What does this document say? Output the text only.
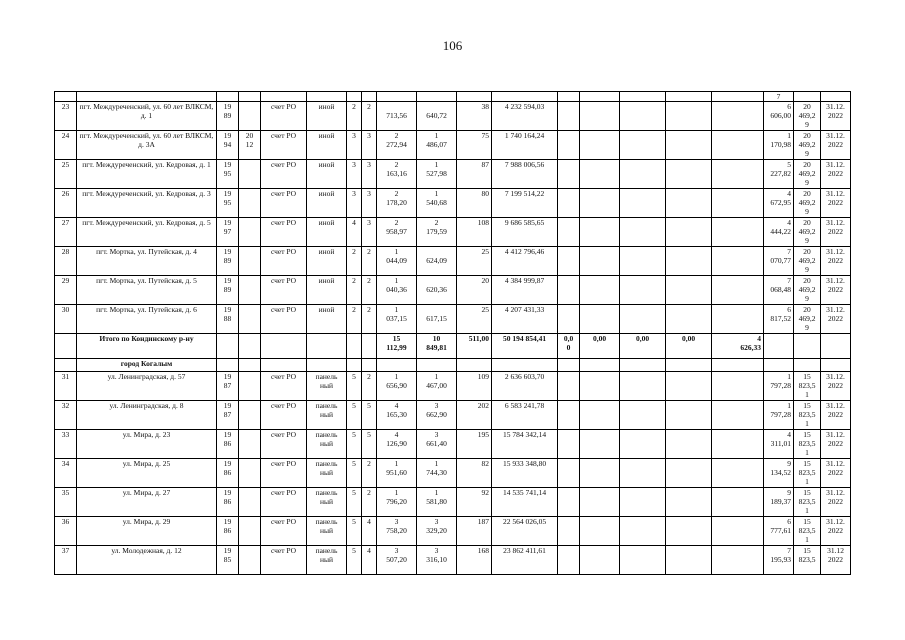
106
																	7		

23	пгт. Междуреченский, ул. 60 лет ВЛКСМ, д. 1	19
89		счет РО	иной	2	2	713,56	640,72	38	4 232 594,03						6
606,00	20
469,2
9	31.12.
2022

24	пгт. Междуреченский, ул. 60 лет ВЛКСМ, д. 3А	19
94	20
12	счет РО	иной	3	3	2
272,94	1
486,07	75	1 740 164,24						1
170,98	20
469,2
9	31.12.
2022

25	пгт. Междуреченский, ул. Кедровая, д. 1	19
95		счет РО	иной	3	3	2
163,16	1
527,98	87	7 988 006,56						5
227,82	20
469,2
9	31.12.
2022

26	пгт. Междуреченский, ул. Кедровая, д. 3	19
95		счет РО	иной	3	3	2
178,20	1
540,68	80	7 199 514,22						4
672,95	20
469,2
9	31.12.
2022

27	пгт. Междуреченский, ул. Кедровая, д. 5	19
97		счет РО	иной	4	3	2
958,97	2
179,59	108	9 686 585,65						4
444,22	20
469,2
9	31.12.
2022

28	пгт. Мортка, ул. Путейская, д. 4	19
89		счет РО	иной	2	2	1
044,09	624,09	25	4 412 796,46						7
070,77	20
469,2
9	31.12.
2022

29	пгт. Мортка, ул. Путейская, д. 5	19
89		счет РО	иной	2	2	1
040,36	620,36	20	4 384 999,87						7
068,48	20
469,2
9	31.12.
2022

30	пгт. Мортка, ул. Путейская, д. 6	19
88		счет РО	иной	2	2	1
037,15	617,15	25	4 207 431,33						6
817,52	20
469,2
9	31.12.
2022

	Итого по Кондинскому р-ну							15
112,99	10
849,81	511,00	50 194 854,41	0,0
0	0,00	0,00	0,00	4
626,33			

	город Когалым																		

31	ул. Ленинградская, д. 57	19
87		счет РО	панель
ный	5	2	1
656,90	1
467,00	109	2 636 603,70						1
797,28	15
823,5
1	31.12.
2022

32	ул. Ленинградская, д. 8	19
87		счет РО	панель
ный	5	5	4
165,30	3
662,90	202	6 583 241,78						1
797,28	15
823,5
1	31.12.
2022

33	ул. Мира, д. 23	19
86		счет РО	панель
ный	5	5	4
126,90	3
661,40	195	15 784 342,14						4
311,01	15
823,5
1	31.12.
2022

34	ул. Мира, д. 25	19
86		счет РО	панель
ный	5	2	1
951,60	1
744,30	82	15 933 348,80						9
134,52	15
823,5
1	31.12.
2022

35	ул. Мира, д. 27	19
86		счет РО	панель
ный	5	2	1
796,20	1
581,80	92	14 535 741,14						9
189,37	15
823,5
1	31.12.
2022

36	ул. Мира, д. 29	19
86		счет РО	панель
ный	5	4	3
758,20	3
329,20	187	22 564 026,05						6
777,61	15
823,5
1	31.12.
2022

37	ул. Молодежная, д. 12	19
85		счет РО	панель
ный	5	4	3
507,20	3
316,10	168	23 862 411,61						7
195,93	15
823,5	31.12
2022
